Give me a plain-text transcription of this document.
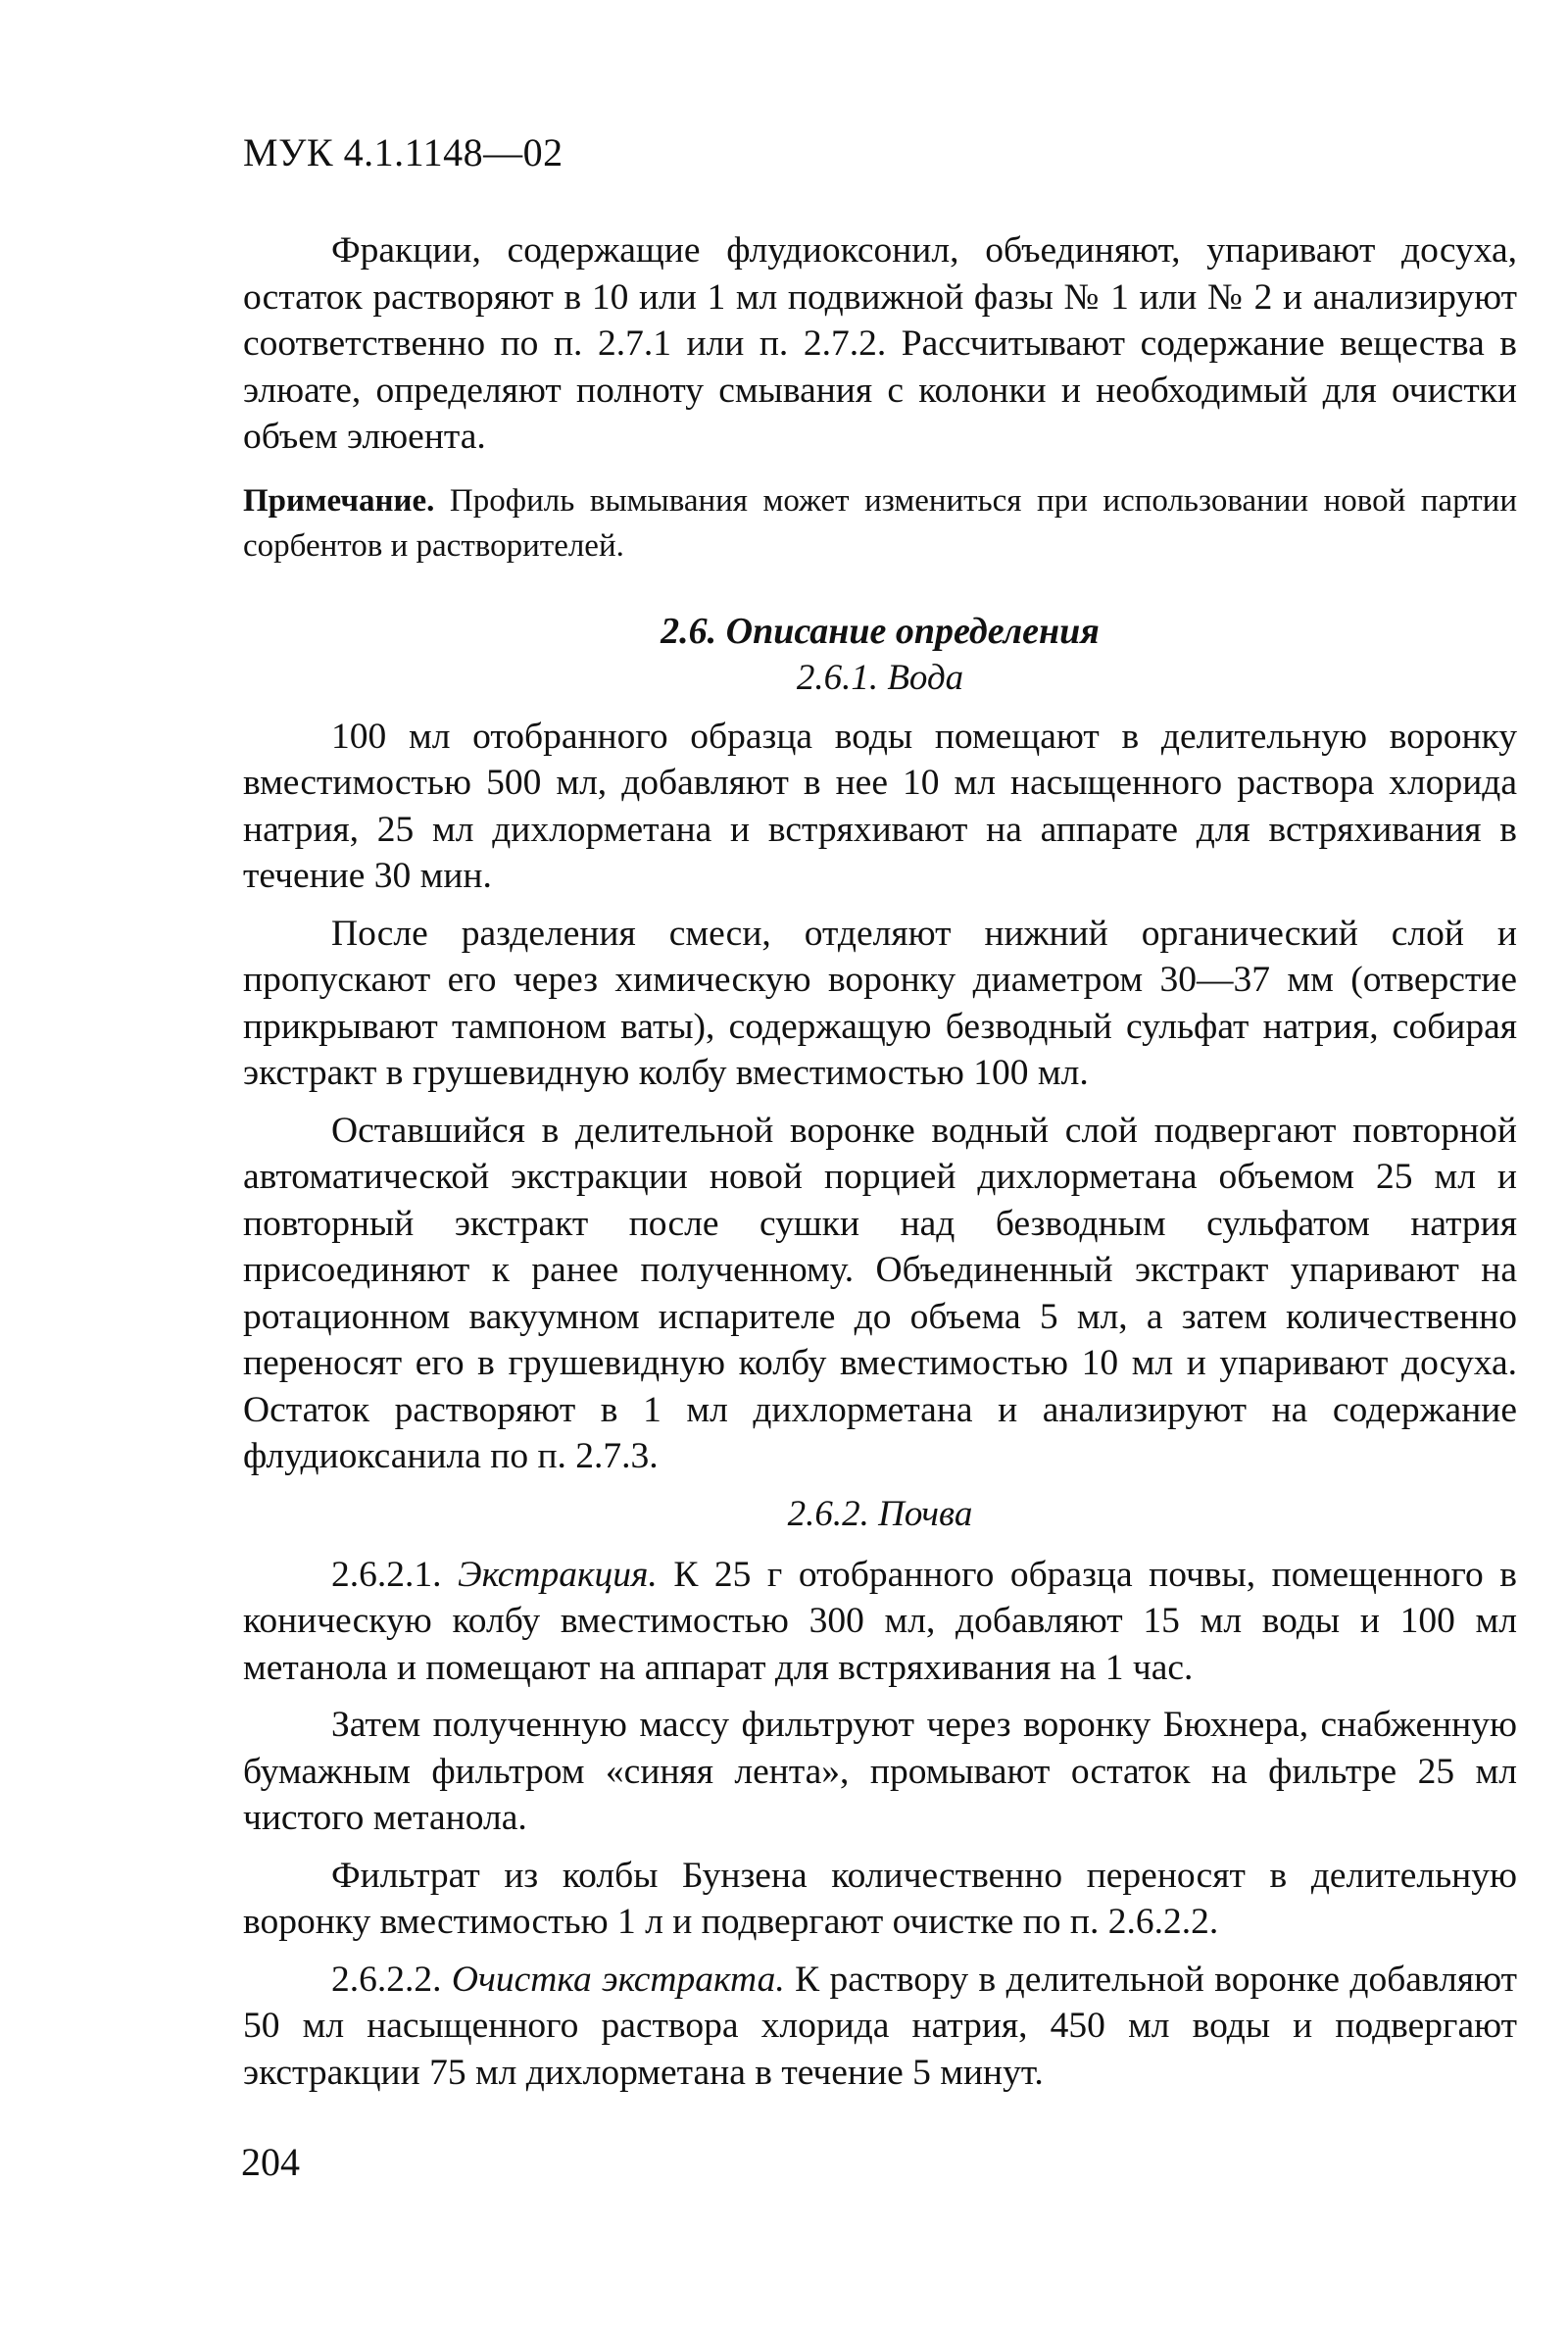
МУК 4.1.1148—02

Фракции, содержащие флудиоксонил, объединяют, упаривают досуха, остаток растворяют в 10 или 1 мл подвижной фазы № 1 или № 2 и анализируют соответственно по п. 2.7.1 или п. 2.7.2. Рассчитывают содержание вещества в элюате, определяют полноту смывания с колонки и необходимый для очистки объем элюента.

Примечание. Профиль вымывания может измениться при использовании новой партии сорбентов и растворителей.

2.6. Описание определения

2.6.1. Вода

100 мл отобранного образца воды помещают в делительную воронку вместимостью 500 мл, добавляют в нее 10 мл насыщенного раствора хлорида натрия, 25 мл дихлорметана и встряхивают на аппарате для встряхивания в течение 30 мин.

После разделения смеси, отделяют нижний органический слой и пропускают его через химическую воронку диаметром 30—37 мм (отверстие прикрывают тампоном ваты), содержащую безводный сульфат натрия, собирая экстракт в грушевидную колбу вместимостью 100 мл.

Оставшийся в делительной воронке водный слой подвергают повторной автоматической экстракции новой порцией дихлорметана объемом 25 мл и повторный экстракт после сушки над безводным сульфатом натрия присоединяют к ранее полученному. Объединенный экстракт упаривают на ротационном вакуумном испарителе до объема 5 мл, а затем количественно переносят его в грушевидную колбу вместимостью 10 мл и упаривают досуха. Остаток растворяют в 1 мл дихлорметана и анализируют на содержание флудиоксанила по п. 2.7.3.

2.6.2. Почва

2.6.2.1. Экстракция. К 25 г отобранного образца почвы, помещенного в коническую колбу вместимостью 300 мл, добавляют 15 мл воды и 100 мл метанола и помещают на аппарат для встряхивания на 1 час.

Затем полученную массу фильтруют через воронку Бюхнера, снабженную бумажным фильтром «синяя лента», промывают остаток на фильтре 25 мл чистого метанола.

Фильтрат из колбы Бунзена количественно переносят в делительную воронку вместимостью 1 л и подвергают очистке по п. 2.6.2.2.

2.6.2.2. Очистка экстракта. К раствору в делительной воронке добавляют 50 мл насыщенного раствора хлорида натрия, 450 мл воды и подвергают экстракции 75 мл дихлорметана в течение 5 минут.

204
